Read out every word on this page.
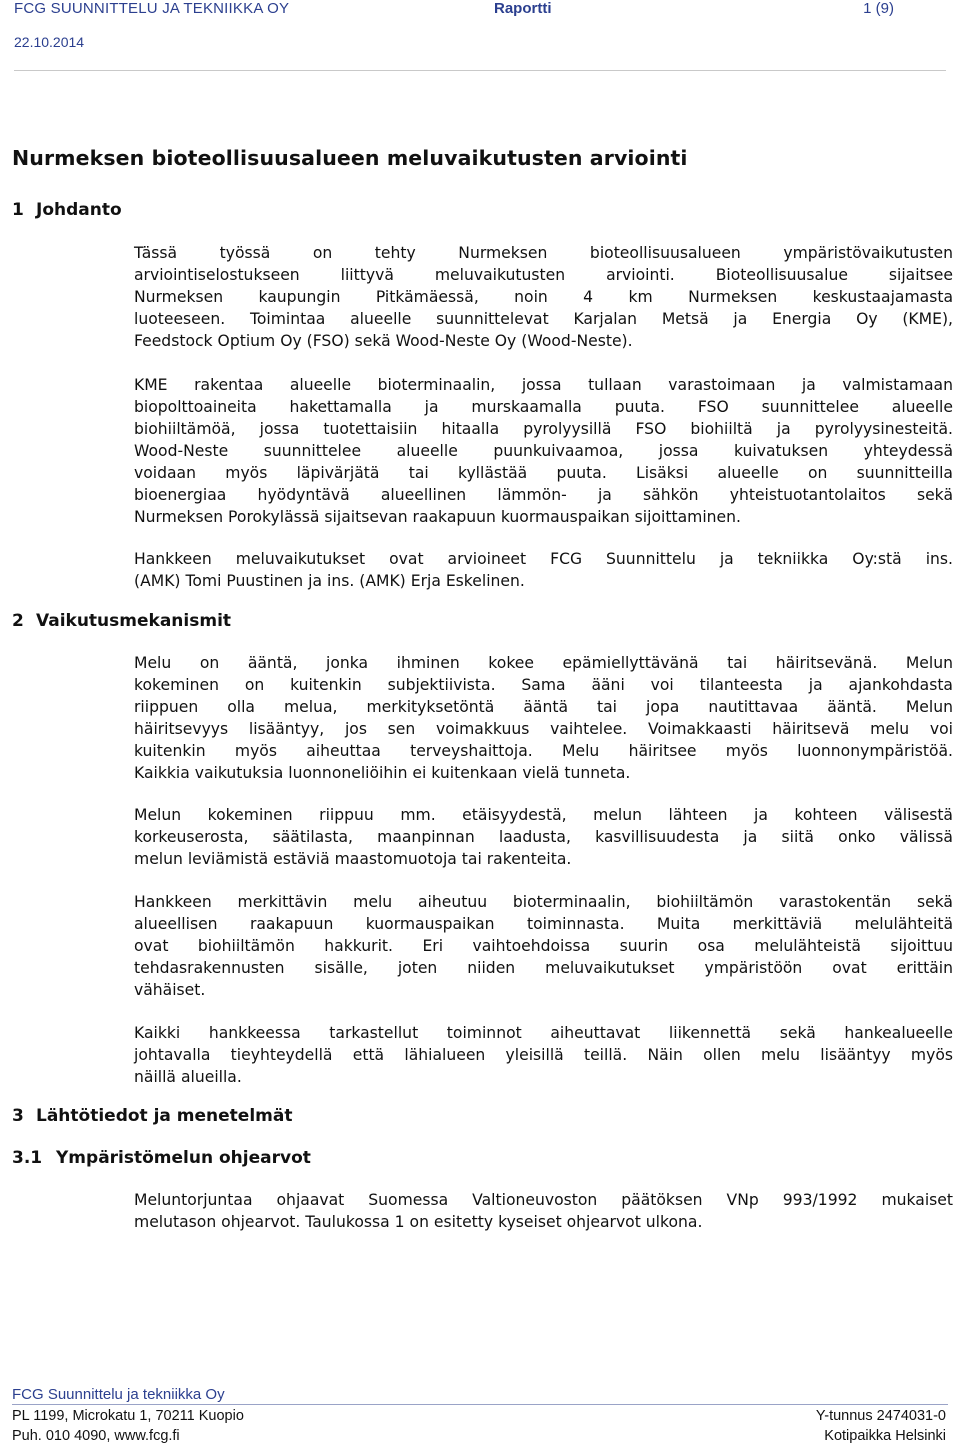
FCG SUUNNITTELU JA TEKNIIKKA OY	Raportti	1 (9)
22.10.2014
Nurmeksen bioteollisuusalueen meluvaikutusten arviointi
1 Johdanto

Tässä työssä on tehty Nurmeksen bioteollisuusalueen ympäristövaikutusten
arviointiselostukseen liittyvä meluvaikutusten arviointi. Bioteollisuusalue sijaitsee
Nurmeksen kaupungin Pitkämäessä, noin 4 km Nurmeksen keskustaajamasta
luoteeseen. Toimintaa alueelle suunnittelevat Karjalan Metsä ja Energia Oy (KME),
Feedstock Optium Oy (FSO) sekä Wood-Neste Oy (Wood-Neste).

KME rakentaa alueelle bioterminaalin, jossa tullaan varastoimaan ja valmistamaan
biopolttoaineita hakettamalla ja murskaamalla puuta. FSO suunnittelee alueelle
biohiiltämöä, jossa tuotettaisiin hitaalla pyrolyysillä FSO biohiiltä ja pyrolyysinesteitä.
Wood-Neste suunnittelee alueelle puunkuivaamoa, jossa kuivatuksen yhteydessä
voidaan myös läpivärjätä tai kyllästää puuta. Lisäksi alueelle on suunnitteilla
bioenergiaa hyödyntävä alueellinen lämmön- ja sähkön yhteistuotantolaitos sekä
Nurmeksen Porokylässä sijaitsevan raakapuun kuormauspaikan sijoittaminen.

Hankkeen meluvaikutukset ovat arvioineet FCG Suunnittelu ja tekniikka Oy:stä ins.
(AMK) Tomi Puustinen ja ins. (AMK) Erja Eskelinen.

2 Vaikutusmekanismit

Melu on ääntä, jonka ihminen kokee epämiellyttävänä tai häiritsevänä. Melun
kokeminen on kuitenkin subjektiivista. Sama ääni voi tilanteesta ja ajankohdasta
riippuen olla melua, merkityksetöntä ääntä tai jopa nautittavaa ääntä. Melun
häiritsevyys lisääntyy, jos sen voimakkuus vaihtelee. Voimakkaasti häiritsevä melu voi
kuitenkin myös aiheuttaa terveyshaittoja. Melu häiritsee myös luonnonympäristöä.
Kaikkia vaikutuksia luonnoneliöihin ei kuitenkaan vielä tunneta.

Melun kokeminen riippuu mm. etäisyydestä, melun lähteen ja kohteen välisestä
korkeuserosta, säätilasta, maanpinnan laadusta, kasvillisuudesta ja siitä onko välissä
melun leviämistä estäviä maastomuotoja tai rakenteita.

Hankkeen merkittävin melu aiheutuu bioterminaalin, biohiiltämön varastokentän sekä
alueellisen raakapuun kuormauspaikan toiminnasta. Muita merkittäviä melulähteitä
ovat biohiiltämön hakkurit. Eri vaihtoehdoissa suurin osa melulähteistä sijoittuu
tehdasrakennusten sisälle, joten niiden meluvaikutukset ympäristöön ovat erittäin
vähäiset.

Kaikki hankkeessa tarkastellut toiminnot aiheuttavat liikennettä sekä hankealueelle
johtavalla tieyhteydellä että lähialueen yleisillä teillä. Näin ollen melu lisääntyy myös
näillä alueilla.

3 Lähtötiedot ja menetelmät
3.1 Ympäristömelun ohjearvot

Meluntorjuntaa ohjaavat Suomessa Valtioneuvoston päätöksen VNp 993/1992 mukaiset
melutason ohjearvot. Taulukossa 1 on esitetty kyseiset ohjearvot ulkona.

FCG Suunnittelu ja tekniikka Oy
PL 1199, Microkatu 1, 70211 Kuopio
Puh. 010 4090, www.fcg.fi
Y-tunnus 2474031-0
Kotipaikka Helsinki
